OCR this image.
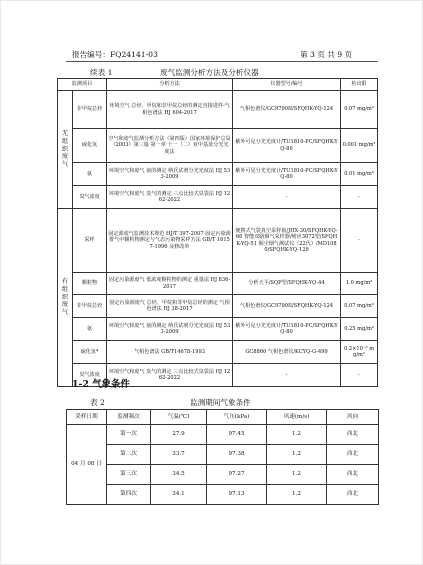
报告编号：FQ24141-03	第 3 页 共 9 页
续表 1	废气监测分析方法及分析仪器
监测项目		分析方法	仪器型号/编号	检出限
无组织废气	非甲烷总烃	环境空气 总烃、甲烷和非甲烷总烃的测定直接进样-气相色谱法 HJ 604-2017	气相色谱仪/GC9790II/SFQHK-YQ-124	0.07 mg/m³
	硫化氢	空气和废气监测分析方法（第四版）国家环境保护总局（2003）第三篇 第一章 十一（二）亚甲基蓝分光光度法	紫外可见分光光度计/TU1810-PC/SFQHK-YQ-80	0.001 mg/m³
	氨	环境空气和废气 氨的测定 纳氏试剂分光光度法 HJ 533-2009	紫外可见分光光度计/TU1810-PC/SFQHK-YQ-80	0.01 mg/m³
	臭气浓度	环境空气和废气 臭气的测定 三点比较式臭袋法 HJ 1262-2022	-	-
有组织废气	采样	固定源废气监测技术规范 HJ/T 397-2007 固定污染源排气中颗粒物测定与气态污染物采样方法 GB/T 16157-1996 及修改单	便携式气袋真空采样箱/JHX-30/SFQHK-YQ-66 智能双路烟气采样器/崂应3072型/SFQHK-YQ-51 烟尘烟气测试仪（22代）/MD1080/SFQHK-YQ-129	-
	颗粒物	固定污染源废气 低浓度颗粒物的测定 重量法 HJ 836-2017	分析天平/SQP型/SFQHK-YQ-44	1.0 mg/m³
	非甲烷总烃	固定污染源废气 总烃、甲烷和非甲烷总烃的测定 气相色谱法 HJ 38-2017	气相色谱仪/GC9790II/SFQHK-YQ-124	0.07 mg/m³
	氨	环境空气和废气 氨的测定 纳氏试剂分光光度法 HJ 533-2009	紫外可见分光光度计/TU1810-PC/SFQHK-YQ-80	0.25 mg/m³
	硫化氢*	气相色谱法 GB/T14678-1993	GC8860 气相色谱仪/KCYQ-G-499	0.2×10⁻³ mg/m³
	臭气浓度	环境空气和废气 臭气的测定 三点比较式臭袋法 HJ 1262-2022	-	-
1-2 气象条件
表 2	监测期间气象条件
采样日期	监测频次	气温(℃)	气压(kPa)	风速(m/s)	风向
04 月 08 日	第一次	27.9	97.45	1.2	西北
	第二次	33.7	97.38	1.2	西北
	第三次	34.5	97.27	1.2	西北
	第四次	34.1	97.13	1.2	西北
